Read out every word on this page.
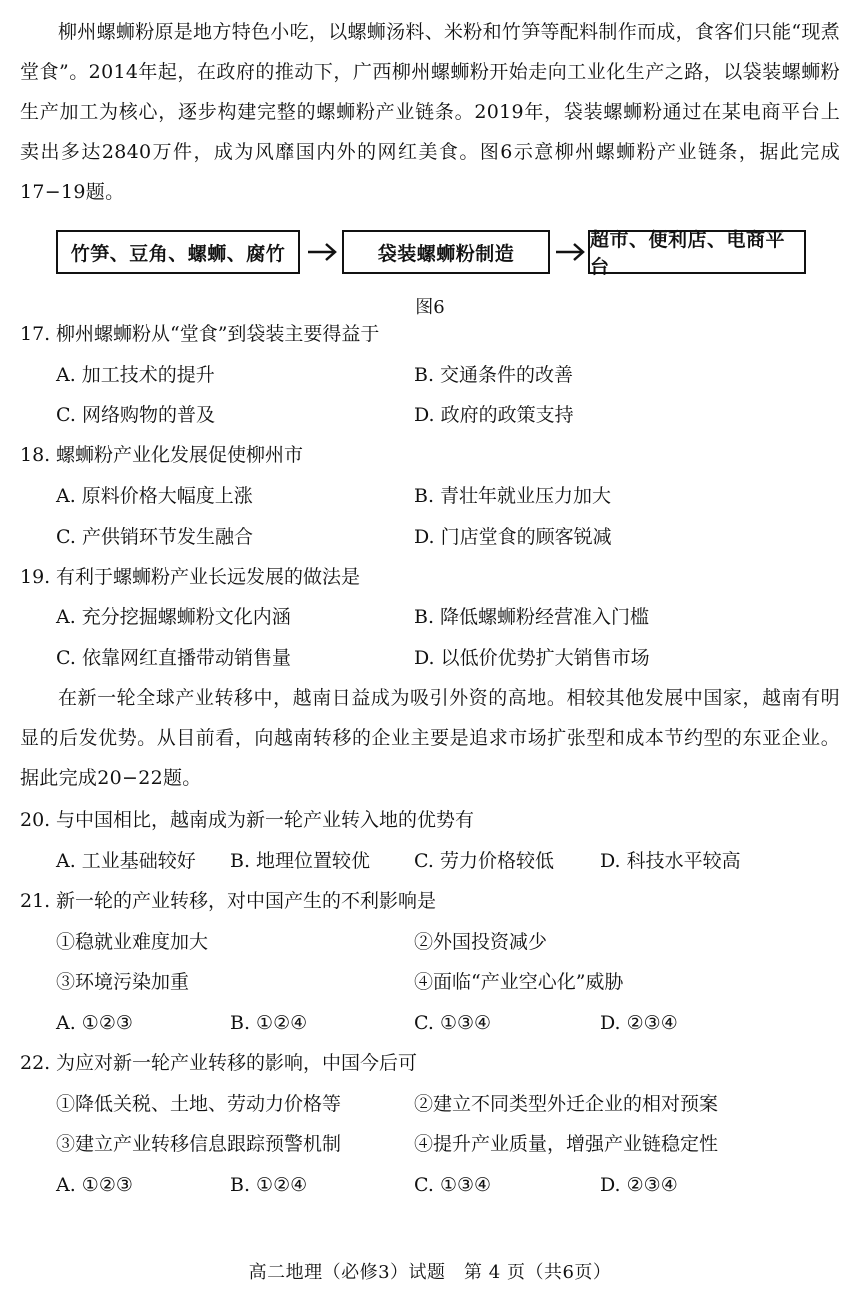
柳州螺蛳粉原是地方特色小吃，以螺蛳汤料、米粉和竹笋等配料制作而成，食客们只能“现煮堂食”。2014年起，在政府的推动下，广西柳州螺蛳粉开始走向工业化生产之路，以袋装螺蛳粉生产加工为核心，逐步构建完整的螺蛳粉产业链条。2019年，袋装螺蛳粉通过在某电商平台上卖出多达2840万件，成为风靡国内外的网红美食。图6示意柳州螺蛳粉产业链条，据此完成17−19题。
竹笋、豆角、螺蛳、腐竹	袋装螺蛳粉制造
超市、便利店、电商平台
图6
17. 柳州螺蛳粉从“堂食”到袋装主要得益于
A. 加工技术的提升	B. 交通条件的改善
C. 网络购物的普及	D. 政府的政策支持
18. 螺蛳粉产业化发展促使柳州市
A. 原料价格大幅度上涨	B. 青壮年就业压力加大
C. 产供销环节发生融合	D. 门店堂食的顾客锐减
19. 有利于螺蛳粉产业长远发展的做法是
A. 充分挖掘螺蛳粉文化内涵	B. 降低螺蛳粉经营准入门槛
C. 依靠网红直播带动销售量	D. 以低价优势扩大销售市场
在新一轮全球产业转移中，越南日益成为吸引外资的高地。相较其他发展中国家，越南有明显的后发优势。从目前看，向越南转移的企业主要是追求市场扩张型和成本节约型的东亚企业。据此完成20−22题。
20. 与中国相比，越南成为新一轮产业转入地的优势有
A. 工业基础较好 B. 地理位置较优 C. 劳力价格较低 D. 科技水平较高
21. 新一轮的产业转移，对中国产生的不利影响是
①稳就业难度加大	②外国投资减少
③环境污染加重	④面临“产业空心化”威胁
A. ①②③	B. ①②④	C. ①③④	D. ②③④
22. 为应对新一轮产业转移的影响，中国今后可
①降低关税、土地、劳动力价格等	②建立不同类型外迁企业的相对预案
③建立产业转移信息跟踪预警机制	④提升产业质量，增强产业链稳定性
A. ①②③	B. ①②④	C. ①③④	D. ②③④
高二地理（必修3）试题　第 4 页（共6页）
